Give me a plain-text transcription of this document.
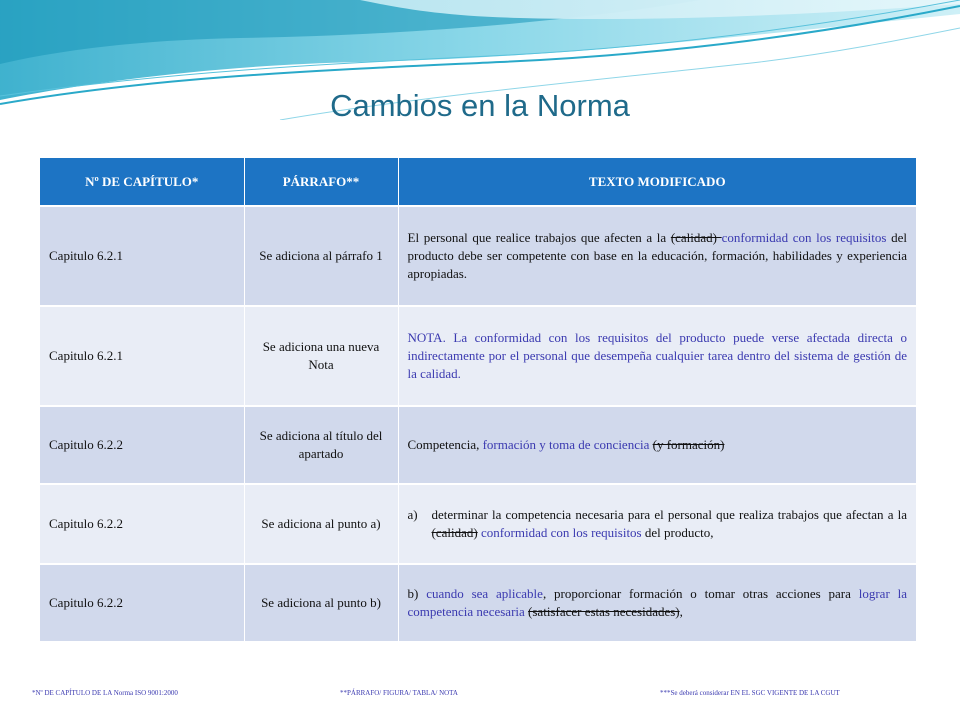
Cambios en la Norma
Nº DE CAPÍTULO*	PÁRRAFO**	TEXTO MODIFICADO
Capitulo 6.2.1	Se adiciona al párrafo 1	El personal que realice trabajos que afecten a la (calidad) conformidad con los requisitos del producto debe ser competente con base en la educación, formación, habilidades y experiencia apropiadas.
Capitulo 6.2.1	Se adiciona una nueva Nota	NOTA. La conformidad con los requisitos del producto puede verse afectada directa o indirectamente por el personal que desempeña cualquier tarea dentro del sistema de gestión de la calidad.
Capitulo 6.2.2	Se adiciona al título del apartado	Competencia, formación y toma de conciencia (y formación)
Capitulo 6.2.2	Se adiciona al punto a)	a) determinar la competencia necesaria para el personal que realiza trabajos que afectan a la (calidad) conformidad con los requisitos del producto,

Capitulo 6.2.2	Se adiciona al punto b)	b) cuando sea aplicable, proporcionar formación o tomar otras acciones para lograr la competencia necesaria (satisfacer estas necesidades),
*Nº DE CAPÍTULO DE LA Norma ISO 9001:2000	**PÁRRAFO/ FIGURA/ TABLA/ NOTA	***Se deberá considerar EN EL SGC VIGENTE DE LA CGUT
